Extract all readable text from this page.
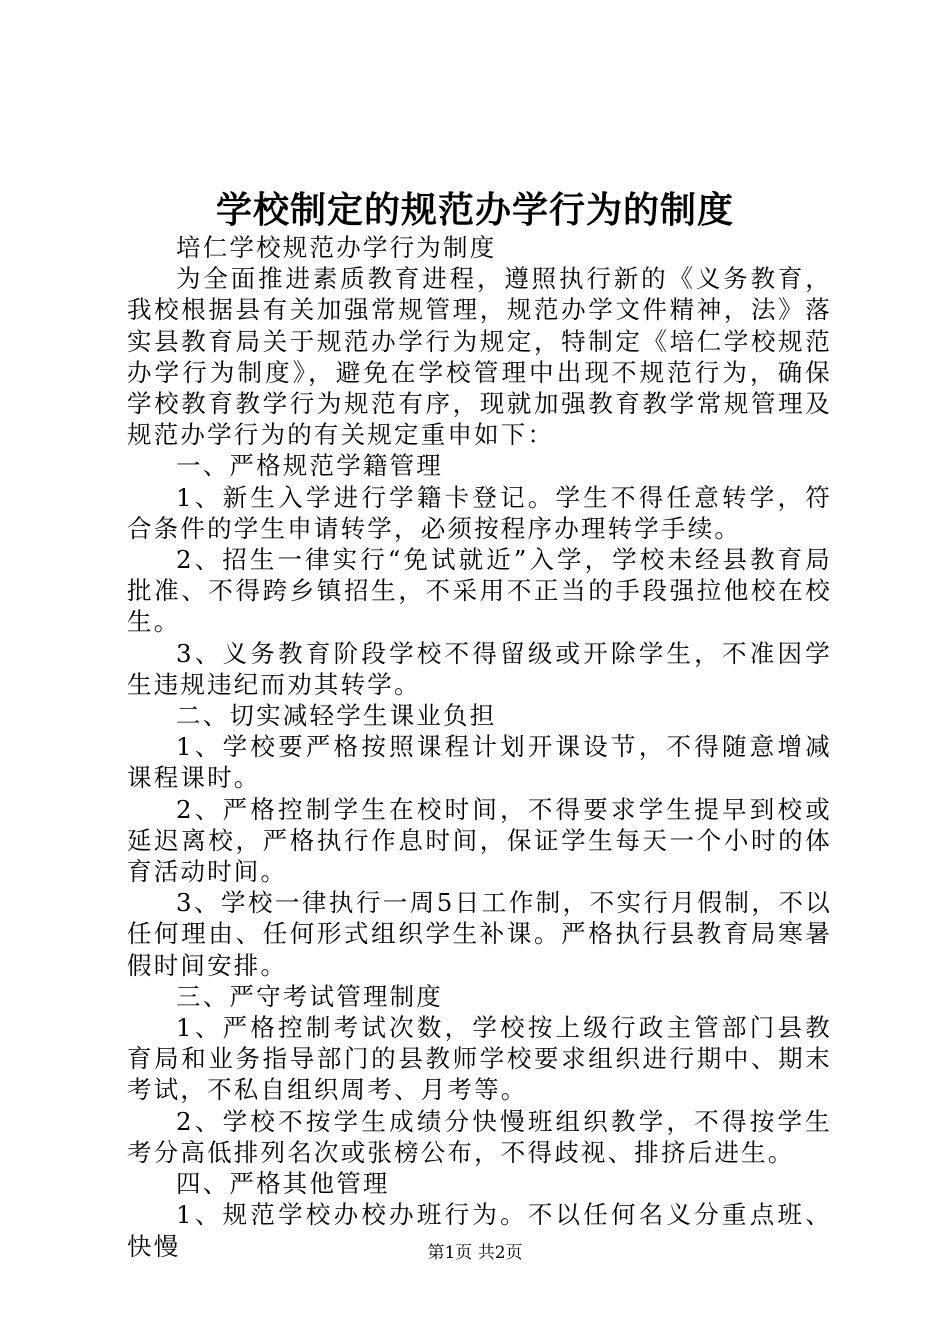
学校制定的规范办学行为的制度

培仁学校规范办学行为制度

为全面推进素质教育进程，遵照执行新的《义务教育，我校根据县有关加强常规管理，规范办学文件精神，法》落实县教育局关于规范办学行为规定，特制定《培仁学校规范办学行为制度》，避免在学校管理中出现不规范行为，确保学校教育教学行为规范有序，现就加强教育教学常规管理及规范办学行为的有关规定重申如下：

一、严格规范学籍管理

1、新生入学进行学籍卡登记。学生不得任意转学，符合条件的学生申请转学，必须按程序办理转学手续。

2、招生一律实行“免试就近”入学，学校未经县教育局批准、不得跨乡镇招生，不采用不正当的手段强拉他校在校生。

3、义务教育阶段学校不得留级或开除学生，不准因学生违规违纪而劝其转学。

二、切实减轻学生课业负担

1、学校要严格按照课程计划开课设节，不得随意增减课程课时。

2、严格控制学生在校时间，不得要求学生提早到校或延迟离校，严格执行作息时间，保证学生每天一个小时的体育活动时间。

3、学校一律执行一周5日工作制，不实行月假制，不以任何理由、任何形式组织学生补课。严格执行县教育局寒暑假时间安排。

三、严守考试管理制度

1、严格控制考试次数，学校按上级行政主管部门县教育局和业务指导部门的县教师学校要求组织进行期中、期末考试，不私自组织周考、月考等。

2、学校不按学生成绩分快慢班组织教学，不得按学生考分高低排列名次或张榜公布，不得歧视、排挤后进生。

四、严格其他管理

1、规范学校办校办班行为。不以任何名义分重点班、快慢	第1页 共2页
